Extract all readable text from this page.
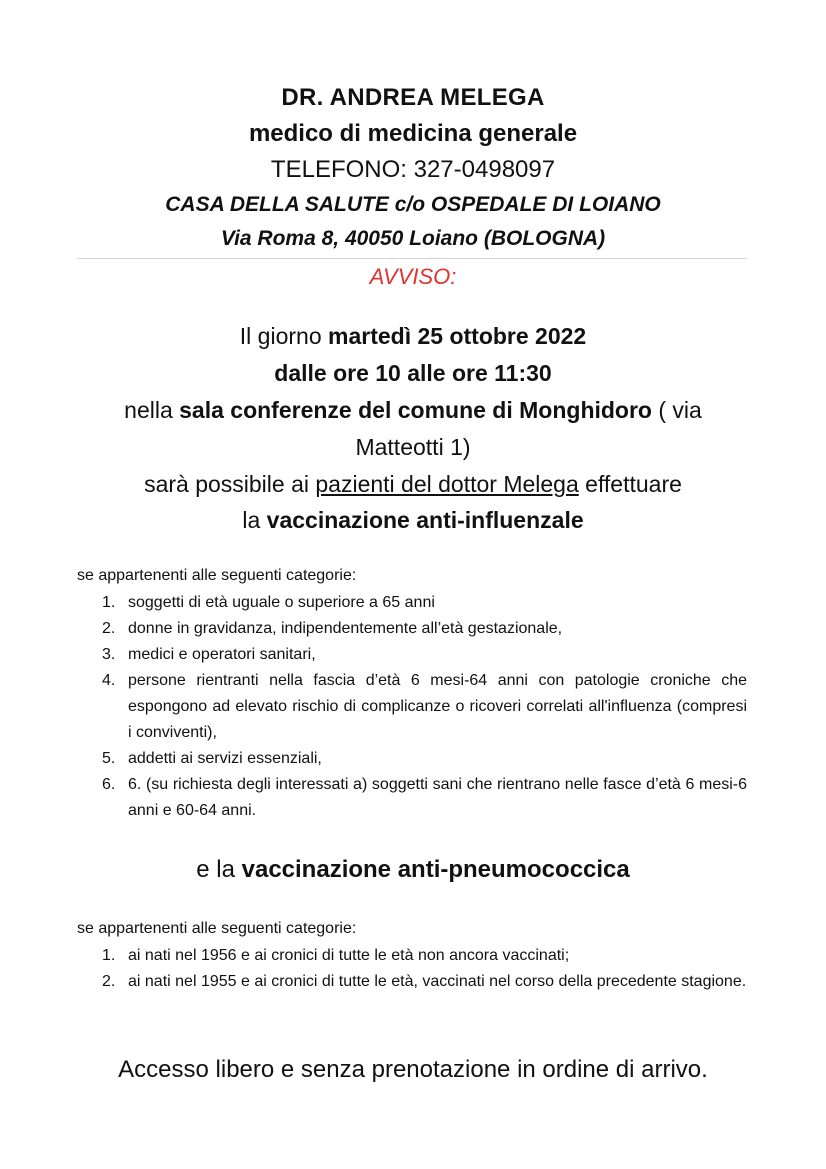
DR. ANDREA MELEGA
medico di medicina generale
TELEFONO: 327-0498097
CASA DELLA SALUTE c/o OSPEDALE DI LOIANO
Via Roma 8, 40050 Loiano (BOLOGNA)
AVVISO:
Il giorno martedì 25 ottobre 2022
dalle ore 10 alle ore 11:30
nella sala conferenze del comune di Monghidoro ( via
Matteotti 1)
sarà possibile ai pazienti del dottor Melega effettuare
la vaccinazione anti-influenzale
se appartenenti alle seguenti categorie:
1. soggetti di età uguale o superiore a 65 anni
2. donne in gravidanza, indipendentemente all’età gestazionale,
3. medici e operatori sanitari,
4. persone rientranti nella fascia d’età 6 mesi-64 anni con patologie croniche che espongono ad elevato rischio di complicanze o ricoveri correlati all'influenza (compresi i conviventi),
5. addetti ai servizi essenziali,
6. 6. (su richiesta degli interessati a) soggetti sani che rientrano nelle fasce d’età 6 mesi-6 anni e 60-64 anni.
e la vaccinazione anti-pneumococcica
se appartenenti alle seguenti categorie:
1. ai nati nel 1956 e ai cronici di tutte le età non ancora vaccinati;
2. ai nati nel 1955 e ai cronici di tutte le età, vaccinati nel corso della precedente stagione.
Accesso libero e senza prenotazione in ordine di arrivo.
